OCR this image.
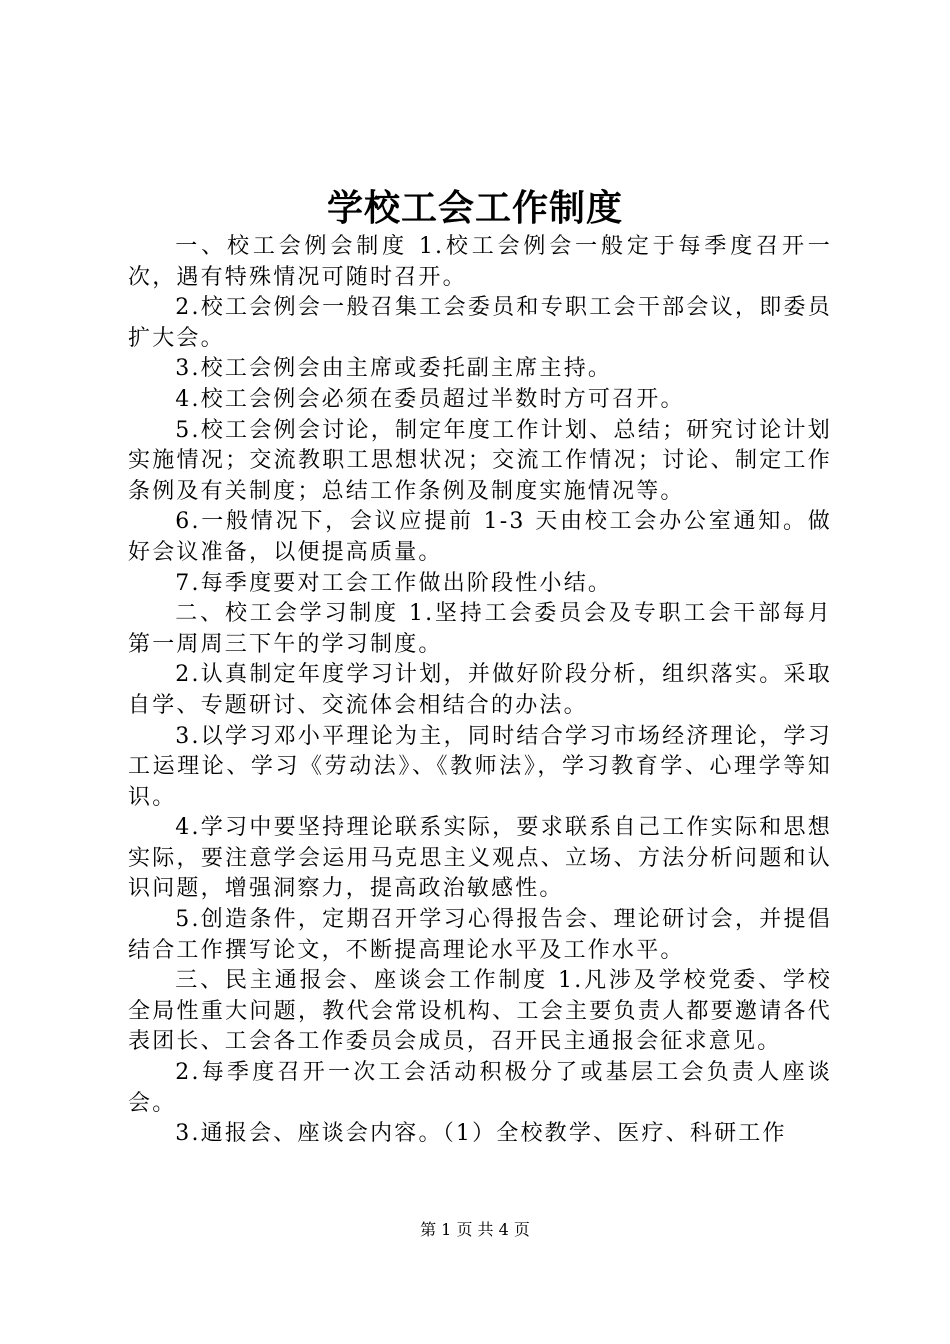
学校工会工作制度

一、校工会例会制度 1.校工会例会一般定于每季度召开一次，遇有特殊情况可随时召开。

2.校工会例会一般召集工会委员和专职工会干部会议，即委员扩大会。

3.校工会例会由主席或委托副主席主持。

4.校工会例会必须在委员超过半数时方可召开。

5.校工会例会讨论，制定年度工作计划、总结；研究讨论计划实施情况；交流教职工思想状况；交流工作情况；讨论、制定工作条例及有关制度；总结工作条例及制度实施情况等。

6.一般情况下，会议应提前 1-3 天由校工会办公室通知。做好会议准备，以便提高质量。

7.每季度要对工会工作做出阶段性小结。

二、校工会学习制度 1.坚持工会委员会及专职工会干部每月第一周周三下午的学习制度。

2.认真制定年度学习计划，并做好阶段分析，组织落实。采取自学、专题研讨、交流体会相结合的办法。

3.以学习邓小平理论为主，同时结合学习市场经济理论，学习工运理论、学习《劳动法》、《教师法》，学习教育学、心理学等知识。

4.学习中要坚持理论联系实际，要求联系自己工作实际和思想实际，要注意学会运用马克思主义观点、立场、方法分析问题和认识问题，增强洞察力，提高政治敏感性。

5.创造条件，定期召开学习心得报告会、理论研讨会，并提倡结合工作撰写论文，不断提高理论水平及工作水平。

三、民主通报会、座谈会工作制度 1.凡涉及学校党委、学校全局性重大问题，教代会常设机构、工会主要负责人都要邀请各代表团长、工会各工作委员会成员，召开民主通报会征求意见。

2.每季度召开一次工会活动积极分了或基层工会负责人座谈会。

3.通报会、座谈会内容。（1）全校教学、医疗、科研工作

第 1 页 共 4 页
